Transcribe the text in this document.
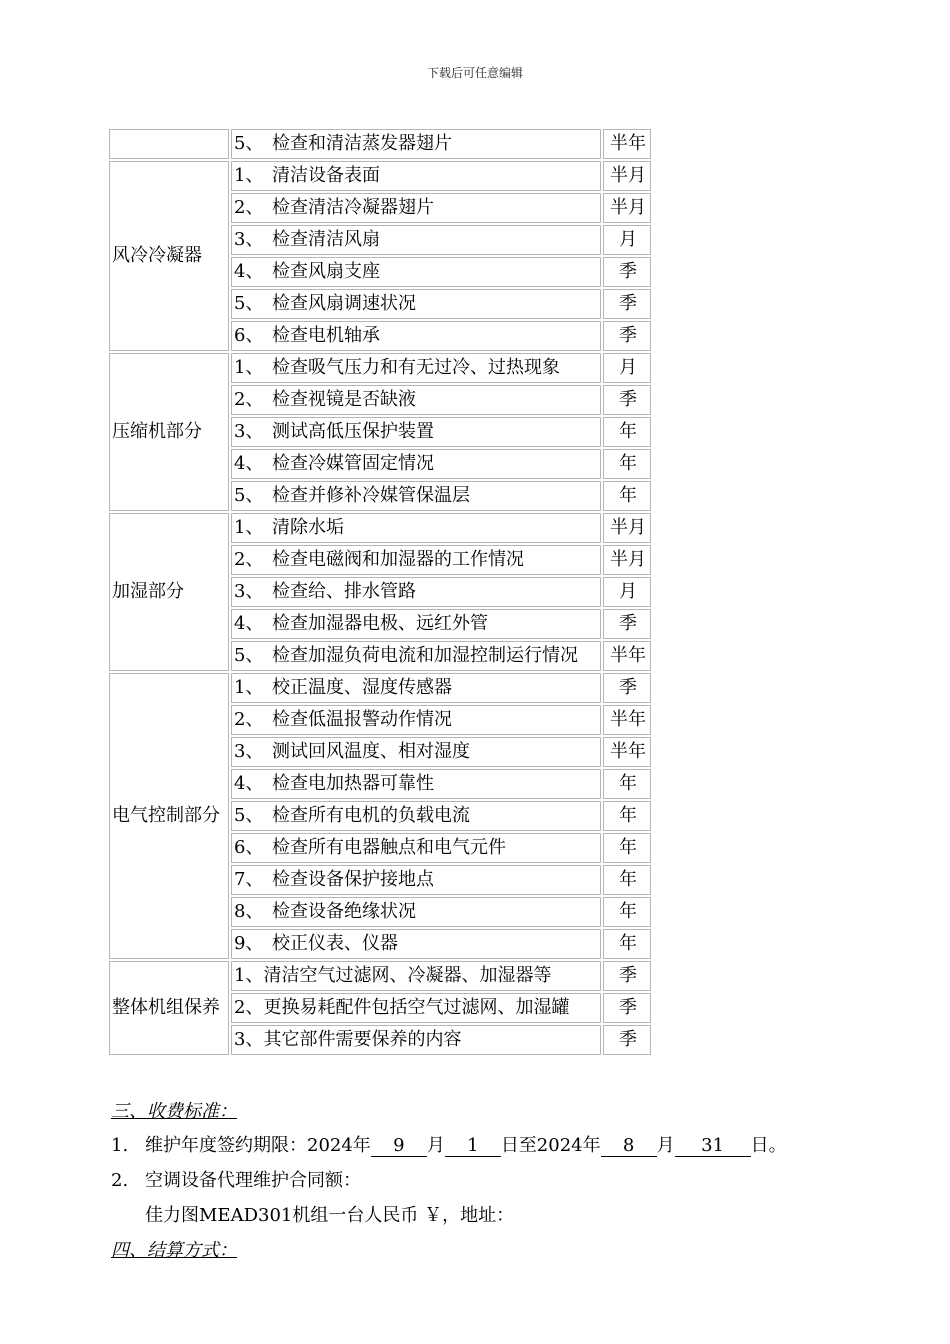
下载后可任意编辑
	5、 检查和清洁蒸发器翅片	半年
风冷冷凝器	1、 清洁设备表面	半月
	2、 检查清洁冷凝器翅片	半月
	3、 检查清洁风扇	月
	4、 检查风扇支座	季
	5、 检查风扇调速状况	季
	6、 检查电机轴承	季
压缩机部分	1、 检查吸气压力和有无过冷、过热现象	月
	2、 检查视镜是否缺液	季
	3、 测试高低压保护装置	年
	4、 检查冷媒管固定情况	年
	5、 检查并修补冷媒管保温层	年
加湿部分	1、 清除水垢	半月
	2、 检查电磁阀和加湿器的工作情况	半月
	3、 检查给、排水管路	月
	4、 检查加湿器电极、远红外管	季
	5、 检查加湿负荷电流和加湿控制运行情况	半年
电气控制部分	1、 校正温度、湿度传感器	季
	2、 检查低温报警动作情况	半年
	3、 测试回风温度、相对湿度	半年
	4、 检查电加热器可靠性	年
	5、 检查所有电机的负载电流	年
	6、 检查所有电器触点和电气元件	年
	7、 检查设备保护接地点	年
	8、 检查设备绝缘状况	年
	9、 校正仪表、仪器	年
整体机组保养	1、清洁空气过滤网、冷凝器、加湿器等	季
	2、更换易耗配件包括空气过滤网、加湿罐	季
	3、其它部件需要保养的内容	季
三、收费标准：
1. 维护年度签约期限：2024年 9 月 1 日至2024年 8 月 31 日。
2. 空调设备代理维护合同额：
佳力图MEAD301机组一台人民币 ￥，地址：
四、结算方式：
